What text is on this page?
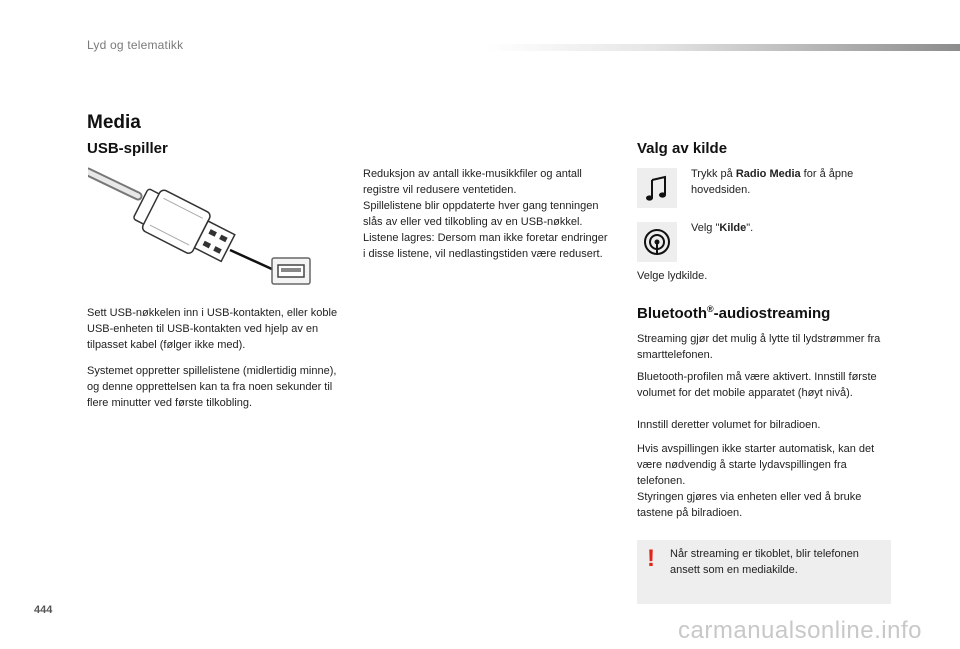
Lyd og telematikk
Media
USB-spiller

Reduksjon av antall ikke-musikkfiler og antall registre vil redusere ventetiden.

Spillelistene blir oppdaterte hver gang tenningen slås av eller ved tilkobling av en USB-nøkkel. Listene lagres: Dersom man ikke foretar endringer i disse listene, vil nedlastingstiden være redusert.

Sett USB-nøkkelen inn i USB-kontakten, eller koble USB-enheten til USB-kontakten ved hjelp av en tilpasset kabel (følger ikke med).

Systemet oppretter spillelistene (midlertidig minne), og denne opprettelsen kan ta fra noen sekunder til flere minutter ved første tilkobling.

Valg av kilde

Trykk på Radio Media for å åpne hovedsiden.

Velg "Kilde".

Velge lydkilde.

Bluetooth®-audiostreaming

Streaming gjør det mulig å lytte til lydstrømmer fra smarttelefonen.

Bluetooth-profilen må være aktivert. Innstill første volumet for det mobile apparatet (høyt nivå).

Innstill deretter volumet for bilradioen.

Hvis avspillingen ikke starter automatisk, kan det være nødvendig å starte lydavspillingen fra telefonen.

Styringen gjøres via enheten eller ved å bruke tastene på bilradioen.

! Når streaming er tikoblet, blir telefonen ansett som en mediakilde.

444
carmanualsonline.info
